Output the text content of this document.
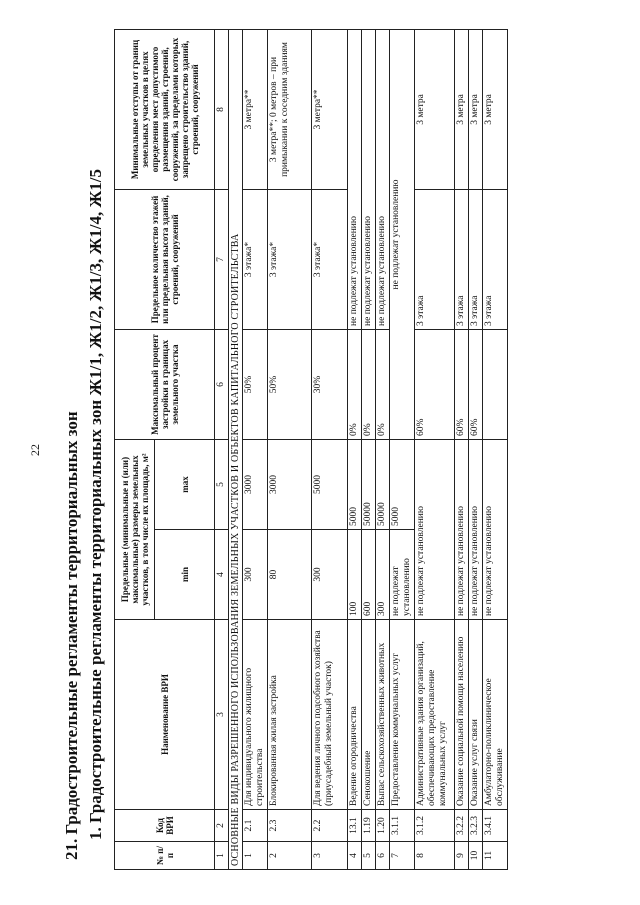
22 21. Градостроительные регламенты территориальных зон 1. Градостроительные регламенты территориальных зон Ж1/1, Ж1/2, Ж1/3, Ж1/4, Ж1/5
№ п/п	Код ВРИ	Наименование ВРИ	Предельные (минимальные и (или) максимальные) размеры земельных участков, в том числе их площадь, м²		Максимальный процент застройки в границах земельного участка	Предельное количество этажей или предельная высота зданий, строений, сооружений	Минимальные отступы от границ земельных участков в целях определения мест допустимого размещения зданий, строений, сооружений, за пределами которых запрещено строительство зданий, строений, сооружений
			min	max			
1	2	3	4	5	6	7	8
ОСНОВНЫЕ ВИДЫ РАЗРЕШЕННОГО ИСПОЛЬЗОВАНИЯ ЗЕМЕЛЬНЫХ УЧАСТКОВ И ОБЪЕКТОВ КАПИТАЛЬНОГО СТРОИТЕЛЬСТВА							
1	2.1	Для индивидуального жилищного строительства	300	3000	50%	3 этажа*	3 метра**
2	2.3	Блокированная жилая застройка	80	3000	50%	3 этажа*	3 метра**; 0 метров – при примыкании к соседним зданиям
3	2.2	Для ведения личного подсобного хозяйства (приусадебный земельный участок)	300	5000	30%	3 этажа*	3 метра**
4	13.1	Ведение огородничества	100	5000	0%	не подлежат установлению	
5	1.19	Сенокошение	600	50000	0%	не подлежат установлению	
6	1.20	Выпас сельскохозяйственных животных	300	50000	0%	не подлежат установлению	
7	3.1.1	Предоставление коммунальных услуг	не подлежат установлению	5000	не подлежат установлению		
8	3.1.2	Административные здания организаций, обеспечивающих предоставление коммунальных услуг	не подлежат установлению		60%	3 этажа	3 метра
9	3.2.2	Оказание социальной помощи населению	не подлежат установлению		60%	3 этажа	3 метра
10	3.2.3	Оказание услуг связи	не подлежат установлению		60%	3 этажа	3 метра
11	3.4.1	Амбулаторно-поликлиническое обслуживание	не подлежат установлению			3 этажа	3 метра
